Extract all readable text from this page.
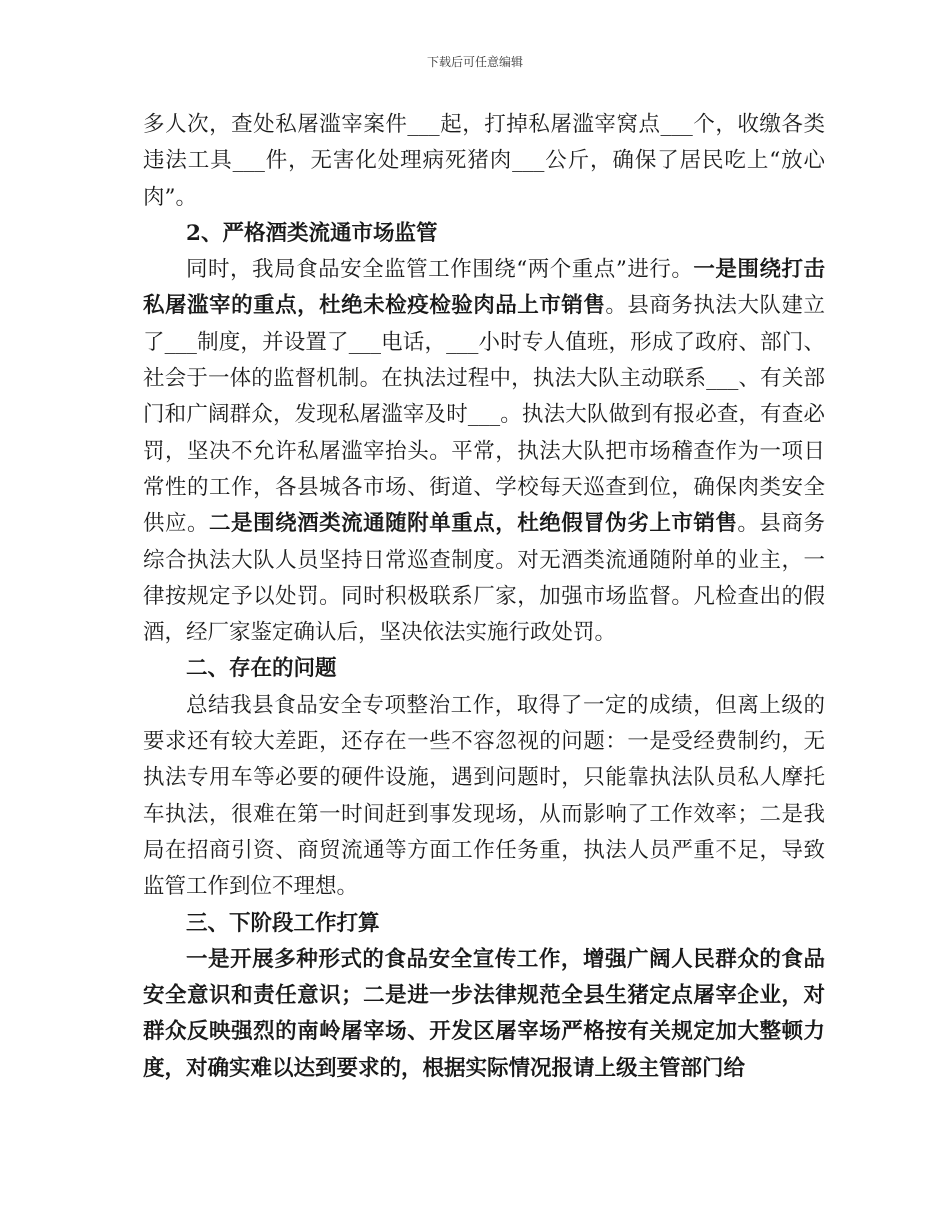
下载后可任意编辑

多人次，查处私屠滥宰案件___起，打掉私屠滥宰窝点___个，收缴各类违法工具___件，无害化处理病死猪肉___公斤，确保了居民吃上“放心肉”。

2、严格酒类流通市场监管

同时，我局食品安全监管工作围绕“两个重点”进行。一是围绕打击私屠滥宰的重点，杜绝未检疫检验肉品上市销售。县商务执法大队建立了___制度，并设置了___电话，___小时专人值班，形成了政府、部门、社会于一体的监督机制。在执法过程中，执法大队主动联系___、有关部门和广阔群众，发现私屠滥宰及时___。执法大队做到有报必查，有查必罚，坚决不允许私屠滥宰抬头。平常，执法大队把市场稽查作为一项日常性的工作，各县城各市场、街道、学校每天巡查到位，确保肉类安全供应。二是围绕酒类流通随附单重点，杜绝假冒伪劣上市销售。县商务综合执法大队人员坚持日常巡查制度。对无酒类流通随附单的业主，一律按规定予以处罚。同时积极联系厂家，加强市场监督。凡检查出的假酒，经厂家鉴定确认后，坚决依法实施行政处罚。

二、存在的问题

总结我县食品安全专项整治工作，取得了一定的成绩，但离上级的要求还有较大差距，还存在一些不容忽视的问题：一是受经费制约，无执法专用车等必要的硬件设施，遇到问题时，只能靠执法队员私人摩托车执法，很难在第一时间赶到事发现场，从而影响了工作效率；二是我局在招商引资、商贸流通等方面工作任务重，执法人员严重不足，导致监管工作到位不理想。

三、下阶段工作打算

一是开展多种形式的食品安全宣传工作，增强广阔人民群众的食品安全意识和责任意识；二是进一步法律规范全县生猪定点屠宰企业，对群众反映强烈的南岭屠宰场、开发区屠宰场严格按有关规定加大整顿力度，对确实难以达到要求的，根据实际情况报请上级主管部门给
